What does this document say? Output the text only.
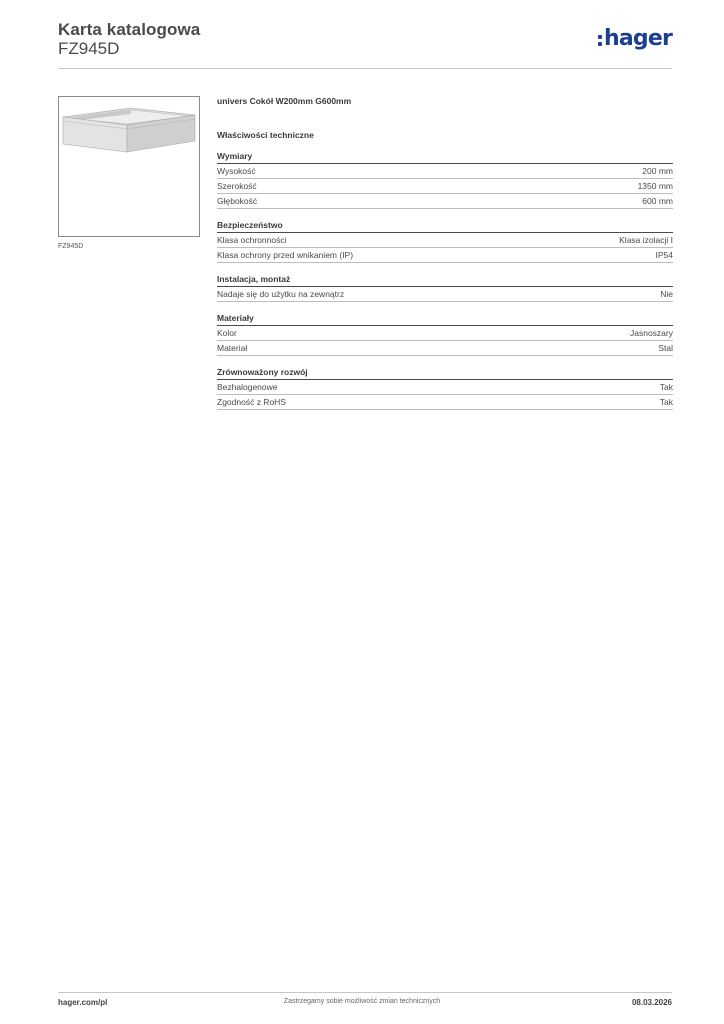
Karta katalogowa
FZ945D	hager
FZ945D
univers Cokół W200mm G600mm
Właściwości techniczne
Wymiary
Wysokość	200 mm
Szerokość	1350 mm
Głębokość	600 mm
Bezpieczeństwo
Klasa ochronności	Klasa izolacji I
Klasa ochrony przed wnikaniem (IP)	IP54
Instalacja, montaż
Nadaje się do użytku na zewnątrz	Nie
Materiały
Kolor	Jasnoszary
Materiał	Stal
Zrównoważony rozwój
Bezhalogenowe	Tak
Zgodność z RoHS	Tak
hager.com/pl	Zastrzegamy sobie możliwość zmian technicznych	08.03.2026
